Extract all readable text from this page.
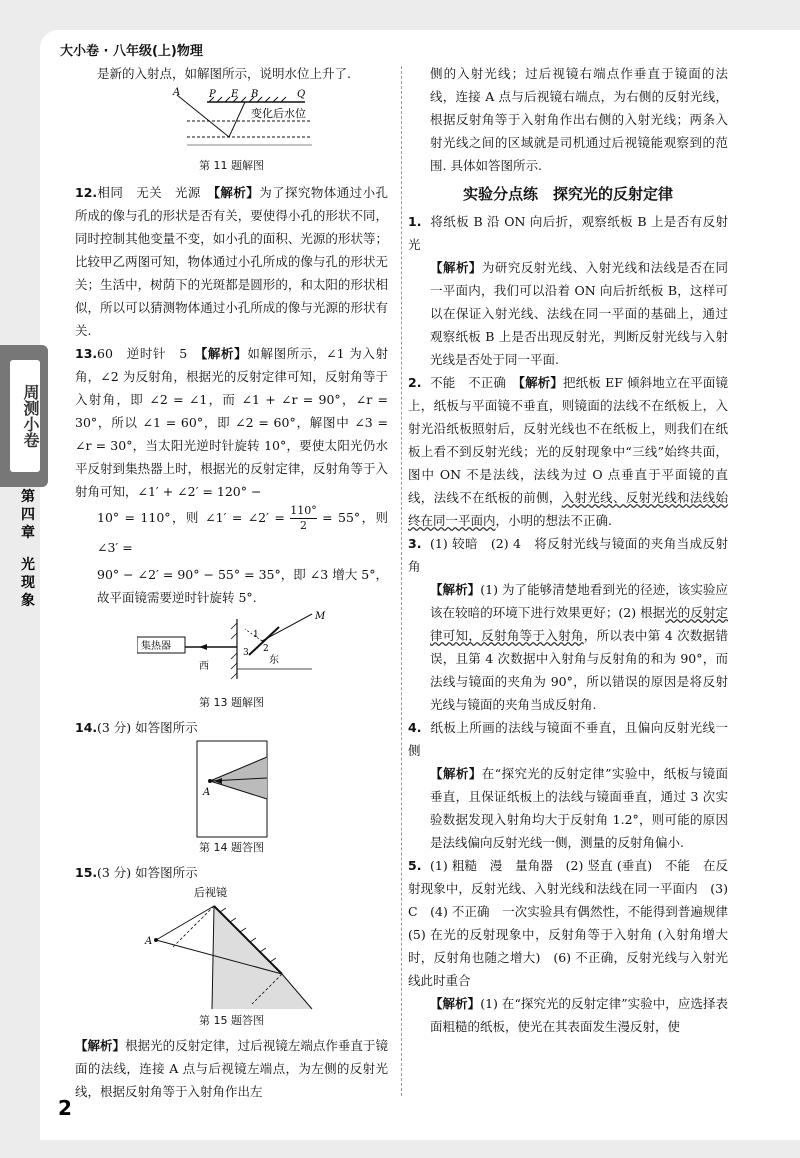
大小卷 · 八年级(上)物理
周测小卷
第
四
章
光
现
象

是新的入射点，如解图所示，说明水位上升了.

A	P E B	Q
变化后水位
第 11 题解图

12.相同　无关　光源　【解析】为了探究物体通过小孔所成的像与孔的形状是否有关，要使得小孔的形状不同，同时控制其他变量不变，如小孔的面积、光源的形状等；比较甲乙两图可知，物体通过小孔所成的像与孔的形状无关；生活中，树荫下的光斑都是圆形的，和太阳的形状相似，所以可以猜测物体通过小孔所成的像与光源的形状有关.

13.60　逆时针　5　【解析】如解图所示，∠1 为入射角，∠2 为反射角，根据光的反射定律可知，反射角等于入射角，即 ∠2 = ∠1，而 ∠1 + ∠r = 90°，∠r = 30°，所以 ∠1 = 60°，即 ∠2 = 60°，解图中 ∠3 = ∠r = 30°，当太阳光逆时针旋转 10°，要使太阳光仍水平反射到集热器上时，根据光的反射定律，反射角等于入射角可知，∠1′ + ∠2′ = 120° −

10° = 110°，则 ∠1′ = ∠2′ = $\frac{110^\circ}{2} = 55^\circ$，则 ∠3′ =

90° − ∠2′ = 90° − 55° = 35°，即 ∠3 增大 5°，故平面镜需要逆时针旋转 5°.

集热器
M
1
2
3
西
东
第 13 题解图

14.(3 分) 如答图所示

A
第 14 题答图

15.(3 分) 如答图所示

后视镜
A
第 15 题答图

【解析】根据光的反射定律，过后视镜左端点作垂直于镜面的法线，连接 A 点与后视镜左端点，为左侧的反射光线，根据反射角等于入射角作出左

侧的入射光线；过后视镜右端点作垂直于镜面的法线，连接 A 点与后视镜右端点，为右侧的反射光线，根据反射角等于入射角作出右侧的入射光线；两条入射光线之间的区域就是司机通过后视镜能观察到的范围. 具体如答图所示.

实验分点练　探究光的反射定律

1. 将纸板 B 沿 ON 向后折，观察纸板 B 上是否有反射光

【解析】为研究反射光线、入射光线和法线是否在同一平面内，我们可以沿着 ON 向后折纸板 B，这样可以在保证入射光线、法线在同一平面的基础上，通过观察纸板 B 上是否出现反射光，判断反射光线与入射光线是否处于同一平面.

2. 不能　不正确　【解析】把纸板 EF 倾斜地立在平面镜上，纸板与平面镜不垂直，则镜面的法线不在纸板上，入射光沿纸板照射后，反射光线也不在纸板上，则我们在纸板上看不到反射光线；光的反射现象中“三线”始终共面，图中 ON 不是法线，法线为过 O 点垂直于平面镜的直线，法线不在纸板的前侧，入射光线、反射光线和法线始终在同一平面内，小明的想法不正确.

3. (1) 较暗　(2) 4　将反射光线与镜面的夹角当成反射角

【解析】(1) 为了能够清楚地看到光的径迹，该实验应该在较暗的环境下进行效果更好；(2) 根据光的反射定律可知，反射角等于入射角，所以表中第 4 次数据错误，且第 4 次数据中入射角与反射角的和为 90°，而法线与镜面的夹角为 90°，所以错误的原因是将反射光线与镜面的夹角当成反射角.

4. 纸板上所画的法线与镜面不垂直，且偏向反射光线一侧

【解析】在“探究光的反射定律”实验中，纸板与镜面垂直，且保证纸板上的法线与镜面垂直，通过 3 次实验数据发现入射角均大于反射角 1.2°，则可能的原因是法线偏向反射光线一侧，测量的反射角偏小.

5. (1) 粗糙　漫　量角器　(2) 竖直 (垂直)　不能　在反射现象中，反射光线、入射光线和法线在同一平面内　(3) C　(4) 不正确　一次实验具有偶然性，不能得到普遍规律　(5) 在光的反射现象中，反射角等于入射角 (入射角增大时，反射角也随之增大)　(6) 不正确，反射光线与入射光线此时重合

【解析】(1) 在“探究光的反射定律”实验中，应选择表面粗糙的纸板，使光在其表面发生漫反射，使

2
